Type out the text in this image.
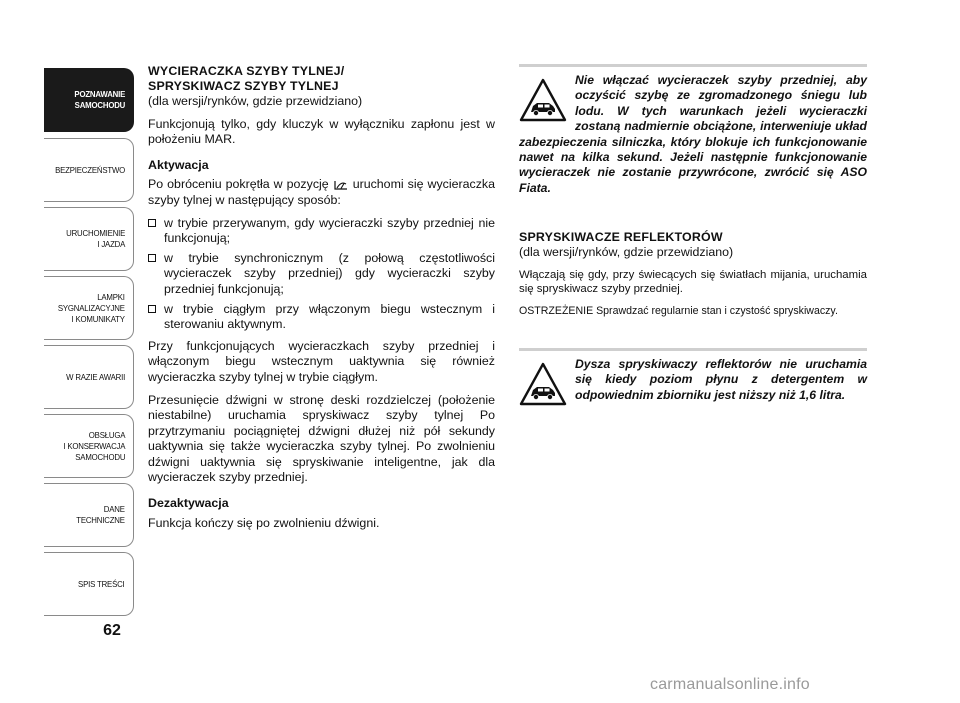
POZNAWANIE
SAMOCHODU
BEZPIECZEŃSTWO
URUCHOMIENIE
I JAZDA
LAMPKI
SYGNALIZACYJNE
I KOMUNIKATY
W RAZIE AWARII
OBSŁUGA
I KONSERWACJA
SAMOCHODU
DANE
TECHNICZNE
SPIS TREŚCI
62
WYCIERACZKA SZYBY TYLNEJ/
SPRYSKIWACZ SZYBY TYLNEJ
(dla wersji/rynków, gdzie przewidziano)

Funkcjonują tylko, gdy kluczyk w wyłączniku zapłonu jest w położeniu MAR.

Aktywacja

Po obróceniu pokrętła w pozycję uruchomi się wycieraczka szyby tylnej w następujący sposób:

w trybie przerywanym, gdy wycieraczki szyby przedniej nie funkcjonują;
w trybie synchronicznym (z połową częstotliwości wycieraczek szyby przedniej) gdy wycieraczki szyby przedniej funkcjonują;
w trybie ciągłym przy włączonym biegu wstecznym i sterowaniu aktywnym.

Przy funkcjonujących wycieraczkach szyby przedniej i włączonym biegu wstecznym uaktywnia się również wycieraczka szyby tylnej w trybie ciągłym.

Przesunięcie dźwigni w stronę deski rozdzielczej (położenie niestabilne) uruchamia spryskiwacz szyby tylnej Po przytrzymaniu pociągniętej dźwigni dłużej niż pół sekundy uaktywnia się także wycieraczka szyby tylnej. Po zwolnieniu dźwigni uaktywnia się spryskiwanie inteligentne, jak dla wycieraczek szyby przedniej.

Dezaktywacja

Funkcja kończy się po zwolnieniu dźwigni.

Nie włączać wycieraczek szyby przedniej, aby oczyścić szybę ze zgromadzonego śniegu lub lodu. W tych warunkach jeżeli wycieraczki zostaną nadmiernie obciążone, interweniuje układ zabezpieczenia silniczka, który blokuje ich funkcjonowanie nawet na kilka sekund. Jeżeli następnie funkcjonowanie wycieraczek nie zostanie przywrócone, zwrócić się ASO Fiata.
SPRYSKIWACZE REFLEKTORÓW
(dla wersji/rynków, gdzie przewidziano)

Włączają się gdy, przy świecących się światłach mijania, uruchamia się spryskiwacz szyby przedniej.

OSTRZEŻENIE Sprawdzać regularnie stan i czystość spryskiwaczy.

Dysza spryskiwaczy reflektorów nie uruchamia się kiedy poziom płynu z detergentem w odpowiednim zbiorniku jest niższy niż 1,6 litra.
carmanualsonline.info
